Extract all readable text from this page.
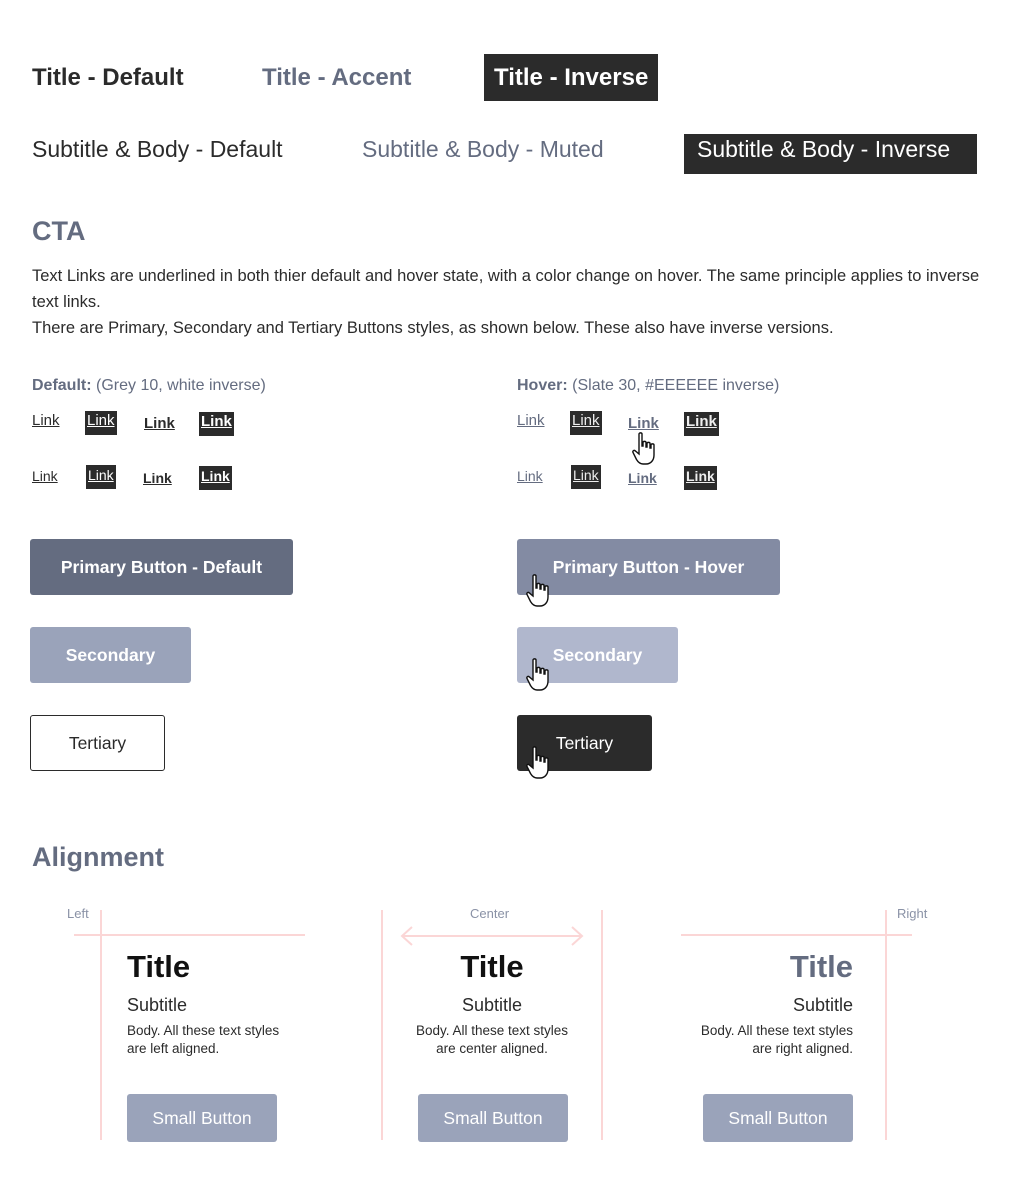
Title - Default	Title - Accent	Title - Inverse
Subtitle & Body - Default	Subtitle & Body - Muted	Subtitle & Body - Inverse
CTA
Text Links are underlined in both thier default and hover state, with a color change on hover. The same principle applies to inverse text links.
There are Primary, Secondary and Tertiary Buttons styles, as shown below. These also have inverse versions.
Default: (Grey 10, white inverse)	Hover: (Slate 30, #EEEEEE inverse)
Link Link Link Link
Link Link Link Link
Link Link Link Link
Link Link Link Link
Primary Button - Default
Secondary
Tertiary
Primary Button - Hover
Secondary
Tertiary
Alignment
Left	Center	Right
Title
Subtitle
Body. All these text styles
are left aligned.
Small Button
Title
Subtitle
Body. All these text styles
are center aligned.
Small Button
Title
Subtitle
Body. All these text styles
are right aligned.
Small Button
